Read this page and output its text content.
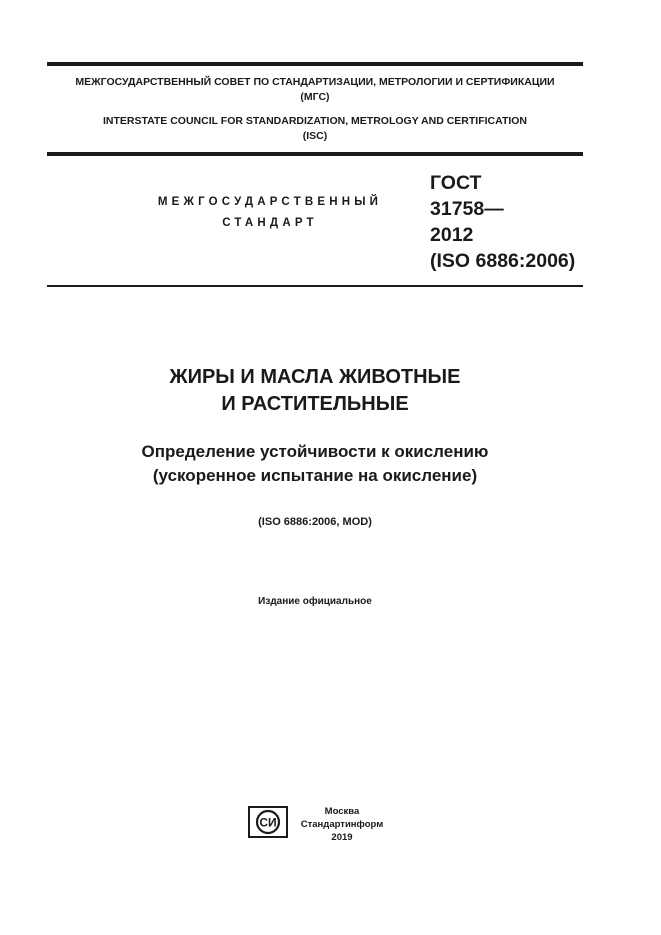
МЕЖГОСУДАРСТВЕННЫЙ СОВЕТ ПО СТАНДАРТИЗАЦИИ, МЕТРОЛОГИИ И СЕРТИФИКАЦИИ
(МГС)
INTERSTATE COUNCIL FOR STANDARDIZATION, METROLOGY AND CERTIFICATION
(ISC)
МЕЖГОСУДАРСТВЕННЫЙ
СТАНДАРТ
ГОСТ
31758—
2012
(ISO 6886:2006)
ЖИРЫ И МАСЛА ЖИВОТНЫЕ
И РАСТИТЕЛЬНЫЕ
Определение устойчивости к окислению
(ускоренное испытание на окисление)
(ISO 6886:2006, MOD)
Издание официальное
СИ
Москва
Стандартинформ
2019
